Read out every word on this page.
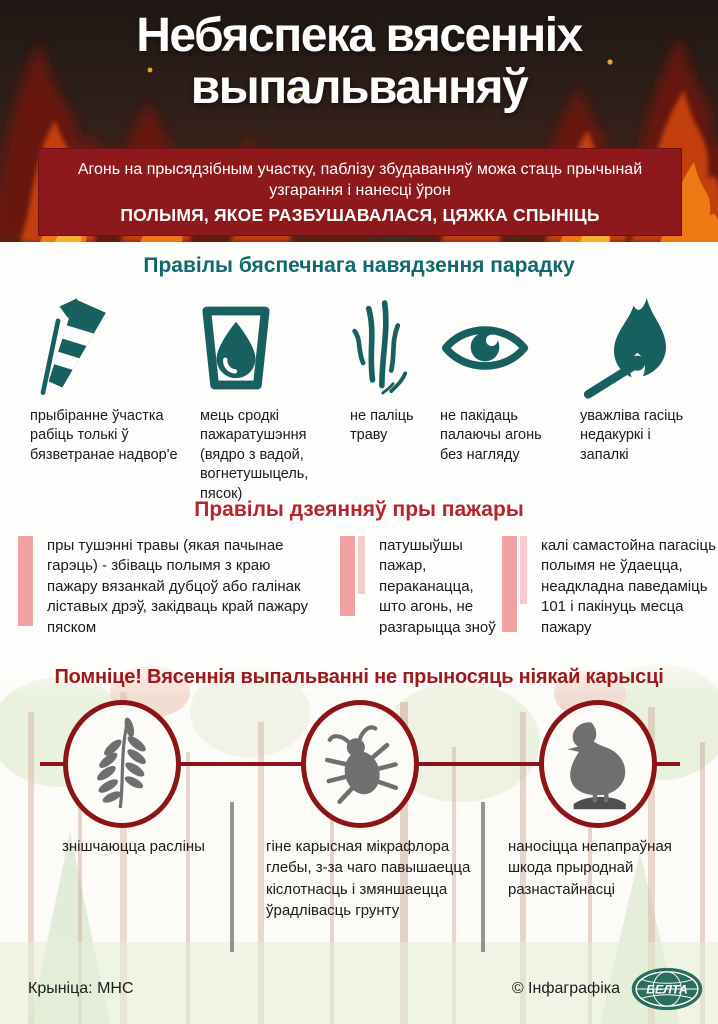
Небяспека вясенніх
выпальванняў
Агонь на прысядзібным участку, паблізу збудаванняў можа стаць прычынай узгарання і нанесці ўрон
ПОЛЫМЯ, ЯКОЕ РАЗБУШАВАЛАСЯ, ЦЯЖКА СПЫНІЦЬ
Правілы бяспечнага навядзення парадку
прыбіранне ўчастка рабіць толькі ў бязветранае надвор'е
мець сродкі пажаратушэння (вядро з вадой, вогнетушыцель, пясок)
не паліць траву
не пакідаць палаючы агонь без нагляду
уважліва гасіць недакуркі і запалкі
Правілы дзеянняў пры пажары
пры тушэнні травы (якая пачынае гарэць) - збіваць полымя з краю пажару вязанкай дубцоў або галінак ліставых дрэў, закідваць край пажару пяском
патушыўшы пажар, пераканацца, што агонь, не разгарыцца зноў
калі самастойна пагасіць полымя не ўдаецца, неадкладна паведаміць 101 і пакінуць месца пажару
Помніце! Вясеннія выпальванні не прыносяць ніякай карысці
знішчаюцца расліны	гіне карысная мікрафлора глебы, з-за чаго павышаецца кіслотнасць і змяншаецца ўрадлівасць грунту
наносіцца непапраўная шкода прыроднай разнастайнасці
Крыніца: МНС	© Інфаграфіка БЕЛТА
